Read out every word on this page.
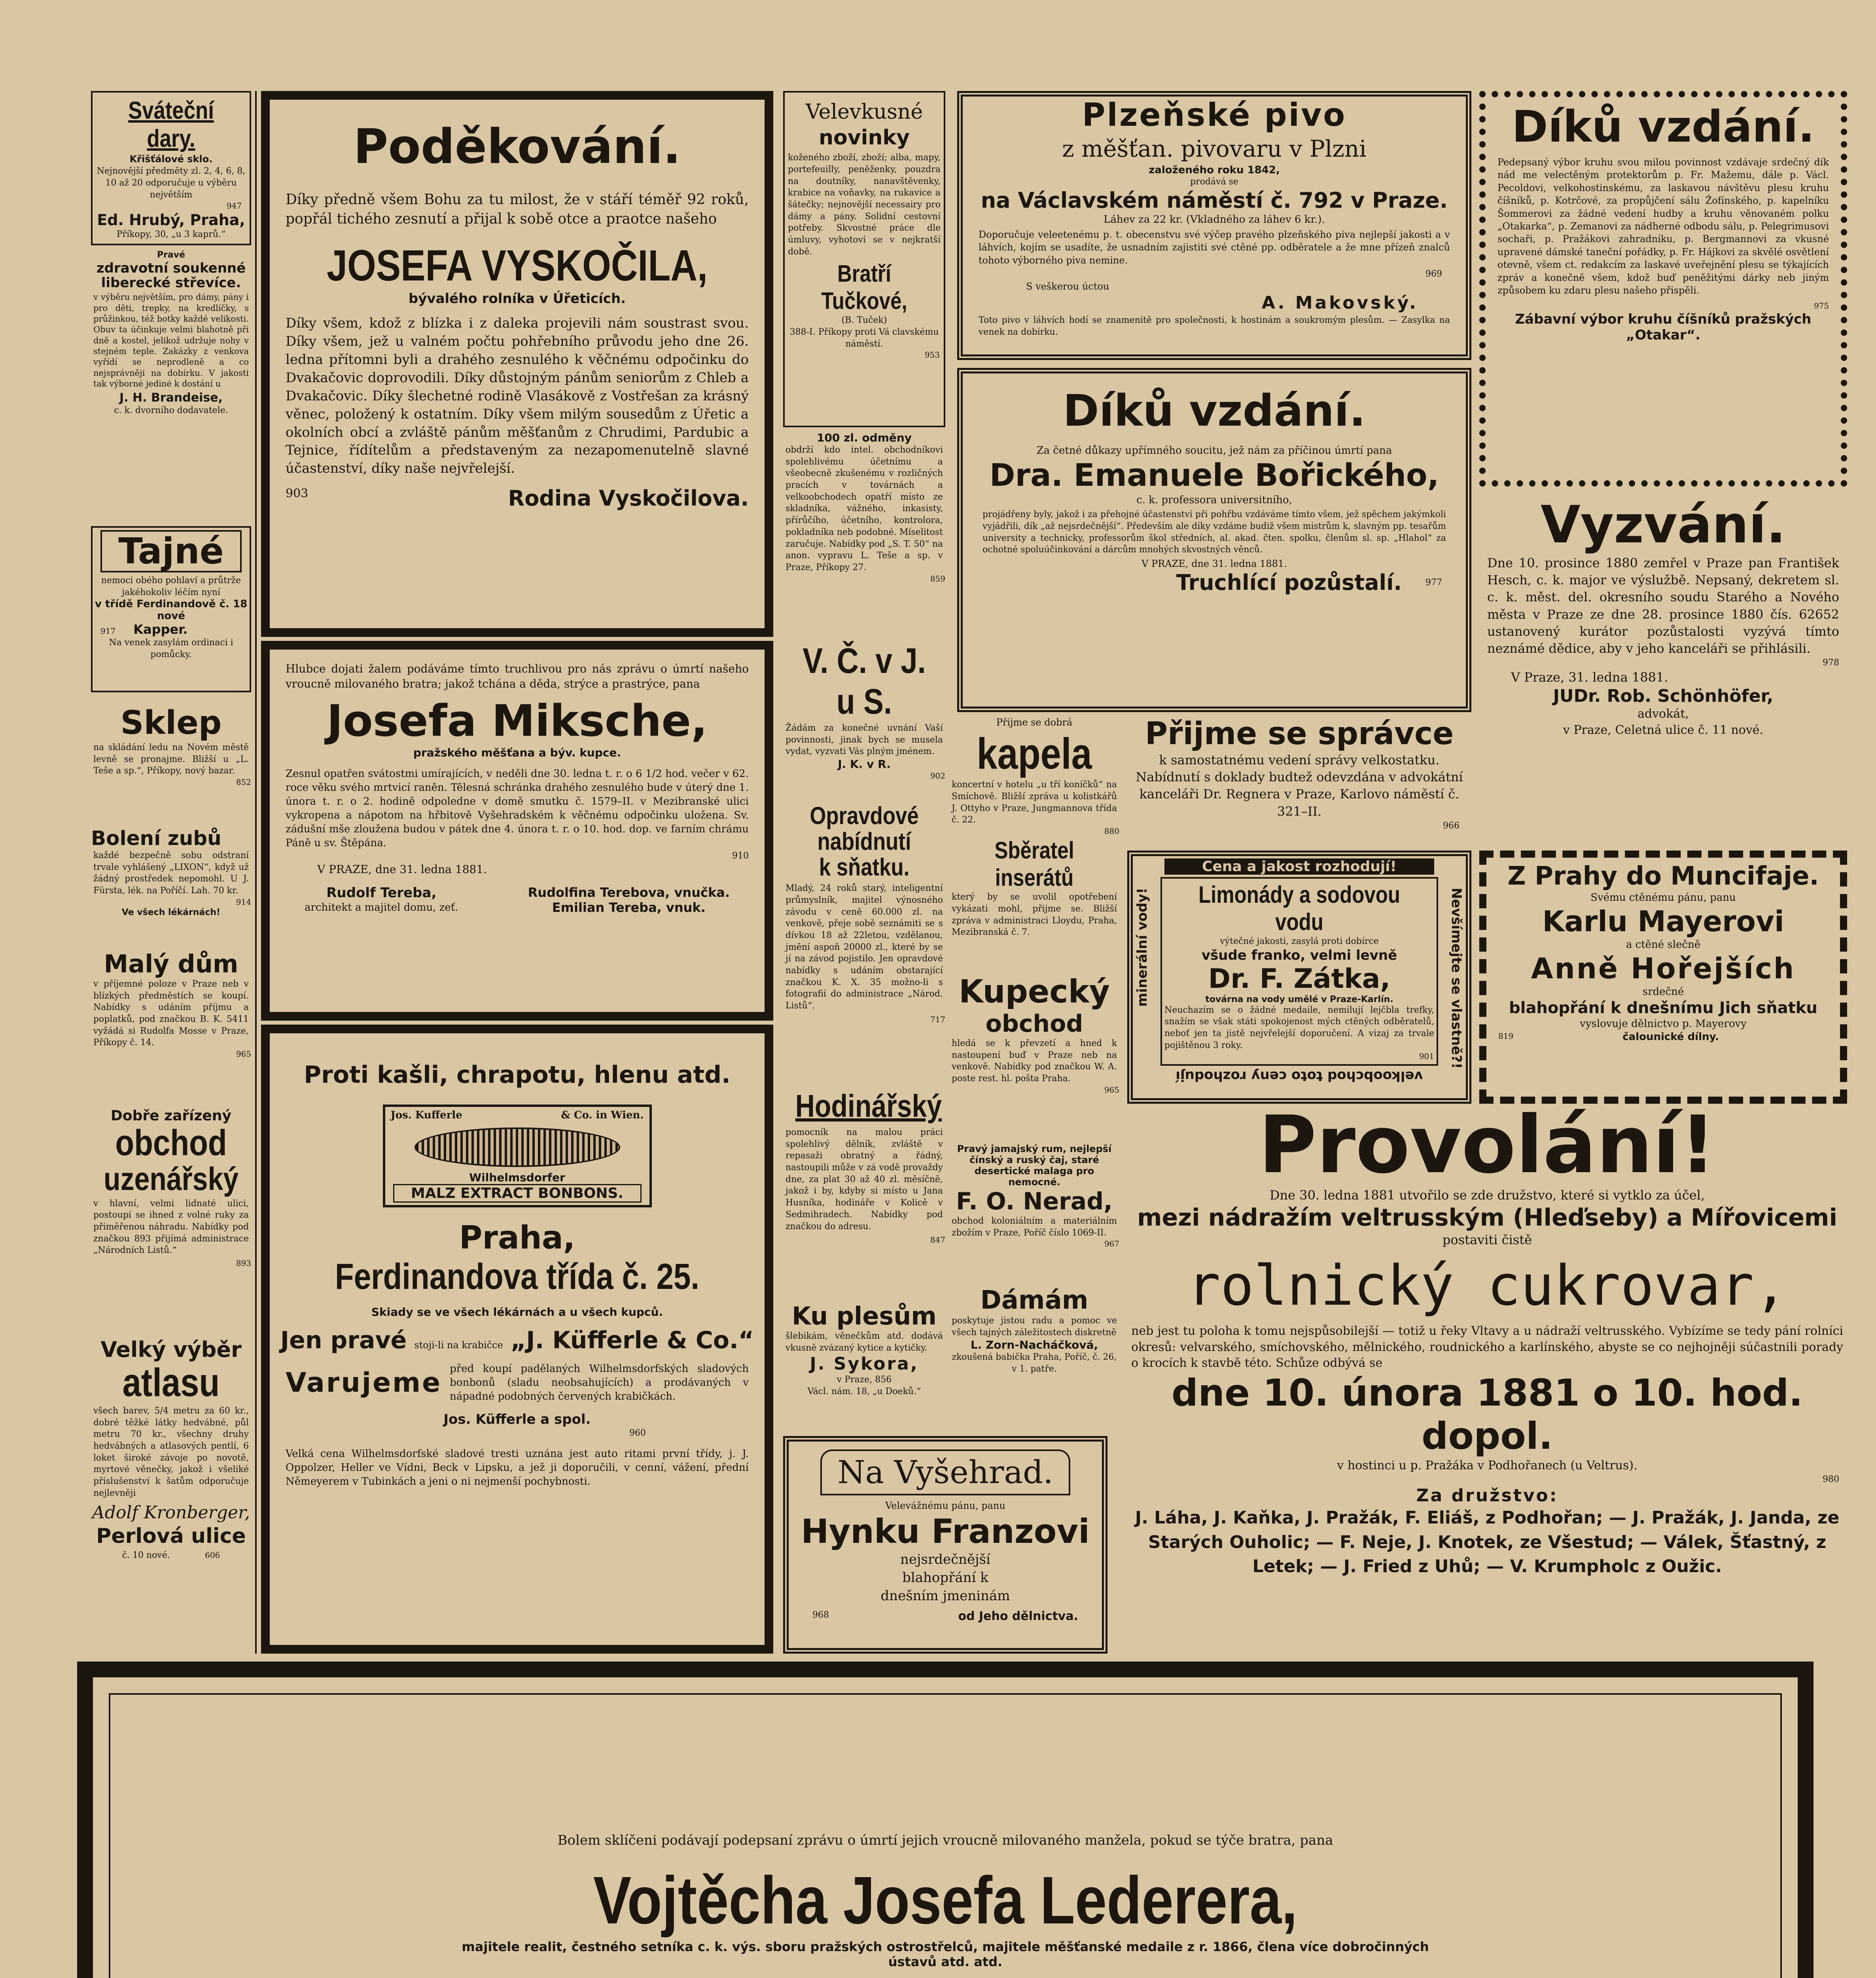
Sváteční dary.
Křišťálové sklo.
Nejnovější předměty zl. 2, 4, 6, 8, 10 až 20 odporučuje u výběru největším
947
Ed. Hrubý, Praha,
Příkopy, 30, „u 3 kaprů.“
Pravé
zdravotní soukenné liberecké střevíce.
v výběru největším, pro dámy, pány i pro děti, trepky, na kredlíčky, s průžinkou, též botky každé velikosti. Obuv ta účinkuje velmi blahotně při dně a kostel, jelikož udržuje nohy v stejném teple. Zakázky z venkova vyřídí se neprodleně a co nejsprávněji na dobírku. V jakosti tak výborné jediné k dostání u
J. H. Brandeise,
c. k. dvorního dodavatele.
Tajné
nemoci obého pohlaví a průtrže jakéhokoliv léčím nyní
v třídě Ferdinandově č. 18 nové
917 Kapper.
Na venek zasylám ordinaci i pomůcky.
Sklep
na skládání ledu na Novém městě levně se pronajme. Bližší u „L. Teše a sp.“, Příkopy, nový bazar.
852
Bolení zubů
každé bezpečně sobu odstraní trvale vyhlášený „LIXON“, když už žádný prostředek nepomohl. U J. Fürsta, lék. na Poříčí. Lah. 70 kr.
914
Ve všech lékárnách!
Malý dům
v příjemné poloze v Praze neb v blízkých předměstích se koupí. Nabídky s udáním příjmu a poplatků, pod značkou B. K. 5411 vyžádá si Rudolfa Mosse v Praze, Příkopy č. 14.
965
Dobře zařízený
obchod
uzenářský
v hlavní, velmi lidnaté ulici, postoupí se ihned z volné ruky za přiměřenou náhradu. Nabídky pod značkou 893 přijímá administrace „Národních Listů.“
893
Velký výběr
atlasu
všech barev, 5/4 metru za 60 kr., dobré těžké látky hedvábné, půl metru 70 kr., všechny druhy hedvábných a atlasových pentlí, 6 loket široké závoje po novotě, myrtové věnečky, jakož i všeliké příslušenství k šatům odporučuje nejlevněji
Adolf Kronberger,
Perlová ulice
č. 10 nové.	606
Poděkování.
Díky předně všem Bohu za tu milost, že v stáří téměř 92 roků, popřál tichého zesnutí a přijal k sobě otce a praotce našeho
JOSEFA VYSKOČILA,
bývalého rolníka v Úřeticích.
Díky všem, kdož z blízka i z daleka projevili nám soustrast svou. Díky všem, jež u valném počtu pohřebního průvodu jeho dne 26. ledna přítomni byli a drahého zesnulého k věčnému odpočinku do Dvakačovic doprovodili. Díky důstojným pánům seniorům z Chleb a Dvakačovic. Díky šlechetné rodině Vlasákově z Vostřešan za krásný věnec, položený k ostatním. Díky všem milým sousedům z Úřetic a okolních obcí a zvláště pánům měšťanům z Chrudimi, Pardubic a Tejnice, řídítelům a představeným za nezapomenutelně slavné účastenství, díky naše nejvřelejší.
903	Rodina Vyskočilova.
Hlubce dojati žalem podáváme tímto truchlivou pro nás zprávu o úmrtí našeho vroucně milovaného bratra; jakož tchána a děda, strýce a prastrýce, pana
Josefa Miksche,
pražského měšťana a býv. kupce.
Zesnul opatřen svátostmi umírajících, v neděli dne 30. ledna t. r. o 6 1/2 hod. večer v 62. roce věku svého mrtvicí raněn. Tělesná schránka drahého zesnulého bude v úterý dne 1. února t. r. o 2. hodině odpoledne v domě smutku č. 1579–II. v Mezibranské ulici vykropena a nápotom na hřbitově Vyšehradském k věčnému odpočinku uložena. Sv. zádušní mše zloužena budou v pátek dne 4. února t. r. o 10. hod. dop. ve farním chrámu Páně u sv. Štěpána.
910
V PRAZE, dne 31. ledna 1881.
Rudolf Tereba,
architekt a majitel domu, zeť.
Rudolfina Terebova, vnučka.
Emilian Tereba, vnuk.
Proti kašli, chrapotu, hlenu atd.
Jos. Kufferle	& Co. in Wien.
Wilhelmsdorfer
MALZ EXTRACT BONBONS.
Praha,
Ferdinandova třída č. 25.
Skiady se ve všech lékárnách a u všech kupců.
Jen pravé stoji-li na krabičce „J. Küfferle & Co.“
Varujeme před koupí padělaných Wilhelmsdorfských sladových bonbonů (sladu neobsahujících) a prodávaných v nápadné podobných červených krabičkách.
Jos. Küfferle a spol.
960
Velká cena Wilhelmsdorfské sladové tresti uznána jest auto ritami první třídy, j. J. Oppolzer, Heller ve Vídni, Beck v Lipsku, a jež ji doporučili, v cenní, vážení, přední Němeyerem v Tubinkách a jeni o ni nejmenší pochybnosti.
Velevkusné
novinky
koženého zboží, zboží; alba, mapy, portefeuilly, peněženky, pouzdra na doutníky, nanavštěvenky, krabice na voňavky, na rukavice a šátečky; nejnovější necessairy pro dámy a pány. Solidní cestovní potřeby. Skvostné práce dle úmluvy, vyhotoví se v nejkratší době.
Bratří Tučkové,
(B. Tuček)
388-I. Příkopy proti Vá clavskému náměstí.
953
100 zl. odměny
obdrží kdo intel. obchodníkovi spolehlivému účetnímu a všeobecně zkušenému v rozličných pracích v továrnách a velkoobchodech opatří místo ze skladníka, vážného, inkasisty, přírůčího, účetního, kontrolora, pokladníka neb podobné. Míselitost zaručuje. Nabídky pod „S. T. 50“ na anon. vypravu L. Teše a sp. v Praze, Příkopy 27.
859
V. Č. v J. u S.
Žádám za konečné uvnání Vaší povinnosti, jinak bych se musela vydat, vyzvati Vás plným jménem.
J. K. v R.
902
Opravdové
nabídnutí
k sňatku.
Mladý, 24 roků starý, inteligentní průmyslník, majitel výnosného závodu v ceně 60.000 zl. na venkově, přeje sobě seznámiti se s dívkou 18 až 22letou, vzdělanou, jmění aspoň 20000 zl., které by se jí na závod pojistilo. Jen opravdové nabídky s udáním obstarající značkou K. X. 35 možno-li s fotografií do administrace „Národ. Listů“.
717
Hodinářský
pomocník na malou práci spolehlivý dělník, zvláště v repasaži obratný a řádný, nastoupili může v zá vodě provaždy dne, za plat 30 až 40 zl. měsíčně, jakož i by, kdyby si místo u Jana Husníka, hodináře v Kolicě v Sedmihradech. Nabídky pod značkou do adresu.
847
Ku plesům
šlebikám, věnečkům atd. dodává vkusně zvázaný kytice a kytičky.
J. Sykora,
v Praze, 856
Václ. nám. 18, „u Doeků.“
Plzeňské pivo
z měšťan. pivovaru v Plzni
založeného roku 1842,
prodává se
na Václavském náměstí č. 792 v Praze.
Láhev za 22 kr. (Vkladného za láhev 6 kr.).
Doporučuje veleetenému p. t. obecenstvu své výčep pravého plzeňského piva nejlepší jakosti a v láhvích, kojím se usadíte, že usnadním zajistiti své ctěné pp. odběratele a že mne přízeň znalců tohoto výborného piva nemine.
969
S veškerou úctou
A. Makovský.
Toto pivo v láhvích hodí se znamenitě pro společnosti, k hostinám a soukromým plesům. — Zasylka na venek na dobírku.
Díků vzdání.
Za četné důkazy upřímného soucitu, jež nám za příčinou úmrtí pana
Dra. Emanuele Bořického,
c. k. professora universitního,
projádřeny byly, jakož i za přehojné účastenství při pohřbu vzdáváme tímto všem, jež spěchem jakýmkoli vyjádřili, dík „až nejsrdečnější“. Především ale díky vzdáme budiž všem mistrům k, slavným pp. tesařům university a technicky, professorům škol středních, al. akad. čten. spolku, členům sl. sp. „Hlahol“ za ochotné spoluúčinkování a dárcům mnohých skvostných věnců.
V PRAZE, dne 31. ledna 1881.
Truchlící pozůstalí.	977
Přijme se dobrá
kapela
koncertní v hotelu „u tří koníčků“ na Smíchově. Bližší zpráva u kolistkářů J. Ottyho v Praze, Jungmannova třída č. 22.
880
Sběratel inserátů
který by se uvolil opotřebení vykázati mohl, přijme se. Bližší zpráva v administraci Lloydu, Praha, Mezibranská č. 7.
Kupecký
obchod
hledá se k převzetí a hned k nastoupení buď v Praze neb na venkově. Nabídky pod značkou W. A. poste rest. hl. pošta Praha.
965
Pravý jamajský rum, nejlepší čínský a ruský čaj, staré desertické malaga pro nemocné.
F. O. Nerad,
obchod koloniálním a materiálním zbožím v Praze, Poříč číslo 1069-II.
967
Dámám
poskytuje jistou radu a pomoc ve všech tajných záležitostech diskretně
L. Zorn-Nacháčková,
zkoušená babička Praha, Poříč, č. 26, v 1. patře.
Přijme se správce
k samostatnému vedení správy velkostatku. Nabídnutí s doklady budtež odevzdána v advokátní kanceláři Dr. Regnera v Praze, Karlovo náměstí č. 321–II.
966
Cena a jakost rozhodují!
Limonády a sodovou vodu
výtečné jakosti, zasylá proti dobírce
všude franko, velmi levně
Dr. F. Zátka,
továrna na vody umělé v Praze-Karlín.
Neuchazím se o žádné medaile, nemilují lejčbla trefky, snažím se však státi spokojenost mých ctěných odběratelů, neboť jen ta jistě nejvřelejší doporučení. A vizaj za trvale pojištěnou 3 roky.
901
minerální vody!	Nevšímejte se vlastně?!
velkoobchod toto ceny rozhodují
Díků vzdání.
Pedepsaný výbor kruhu svou milou povinnost vzdávaje srdečný dík nád me velectěným protektorům p. Fr. Mažemu, dále p. Václ. Pecoldovi, velkohostinskému, za laskavou návštěvu plesu kruhu číšníků, p. Kotrčové, za propůjčení sálu Žofínského, p. kapelníku Šommerovi za žádné vedení hudby a kruhu věnovaném polku „Otakarka“, p. Zemanovi za nádherné odbodu sálu, p. Pelegrimusovi sochaři, p. Pražákovi zahradníku, p. Bergmannovi za vkusné upravené dámské taneční pořádky, p. Fr. Hájkovi za skvělé osvětlení otevně, všem ct. redakcím za laskavé uveřejnění plesu se týkajících zpráv a konečně všem, kdož buď peněžitými dárky neb jiným způsobem ku zdaru plesu našeho přispěli.
975
Zábavní výbor kruhu číšníků pražských „Otakar“.
Vyzvání.
Dne 10. prosince 1880 zemřel v Praze pan František Hesch, c. k. major ve výslužbě. Nepsaný, dekretem sl. c. k. měst. del. okresního soudu Starého a Nového města v Praze ze dne 28. prosince 1880 čís. 62652 ustanovený kurátor pozůstalosti vyzývá tímto neznámé dědice, aby v jeho kanceláři se přihlásili.
978
V Praze, 31. ledna 1881.
JUDr. Rob. Schönhöfer,
advokát,
v Praze, Celetná ulice č. 11 nové.
Z Prahy do Muncifaje.
Svému ctěnému pánu, panu
Karlu Mayerovi
a ctěné slečně
Anně Hořejších
srdečné
blahopřání k dnešnímu Jich sňatku
vyslovuje dělnictvo p. Mayerovy
819	čalounické dílny.
Provolání!
Dne 30. ledna 1881 utvořilo se zde družstvo, které si vytklo za účel,
mezi nádražím veltrusským (Hleďseby) a Mířovicemi
postaviti čistě
rolnický cukrovar,
neb jest tu poloha k tomu nejspůsobilejší — totiž u řeky Vltavy a u nádraží veltrusského. Vybízíme se tedy pání rolníci okresů: velvarského, smíchovského, mělnického, roudnického a karlínského, abyste se co nejhojněji súčastnili porady o krocích k stavbě této. Schůze odbývá se
dne 10. února 1881 o 10. hod. dopol.
v hostinci u p. Pražáka v Podhořanech (u Veltrus).
980
Za družstvo:
J. Láha, J. Kaňka, J. Pražák, F. Eliáš, z Podhořan; — J. Pražák, J. Janda, ze Starých Ouholic; — F. Neje, J. Knotek, ze Všestud; — Válek, Šťastný, z Letek; — J. Fried z Uhů; — V. Krumpholc z Oužic.
Na Vyšehrad.
Velevážnému pánu, panu
Hynku Franzovi
nejsrdečnější blahopřání k dnešním jmeninám
968	od Jeho dělnictva.
Bolem sklíčeni podávají podepsaní zprávu o úmrtí jejich vroucně milovaného manžela, pokud se týče bratra, pana
Vojtěcha Josefa Lederera,
majitele realit, čestného setníka c. k. výs. sboru pražských ostrostřelců, majitele měšťanské medaile z r. 1866, člena více dobročinných ústavů atd. atd.
